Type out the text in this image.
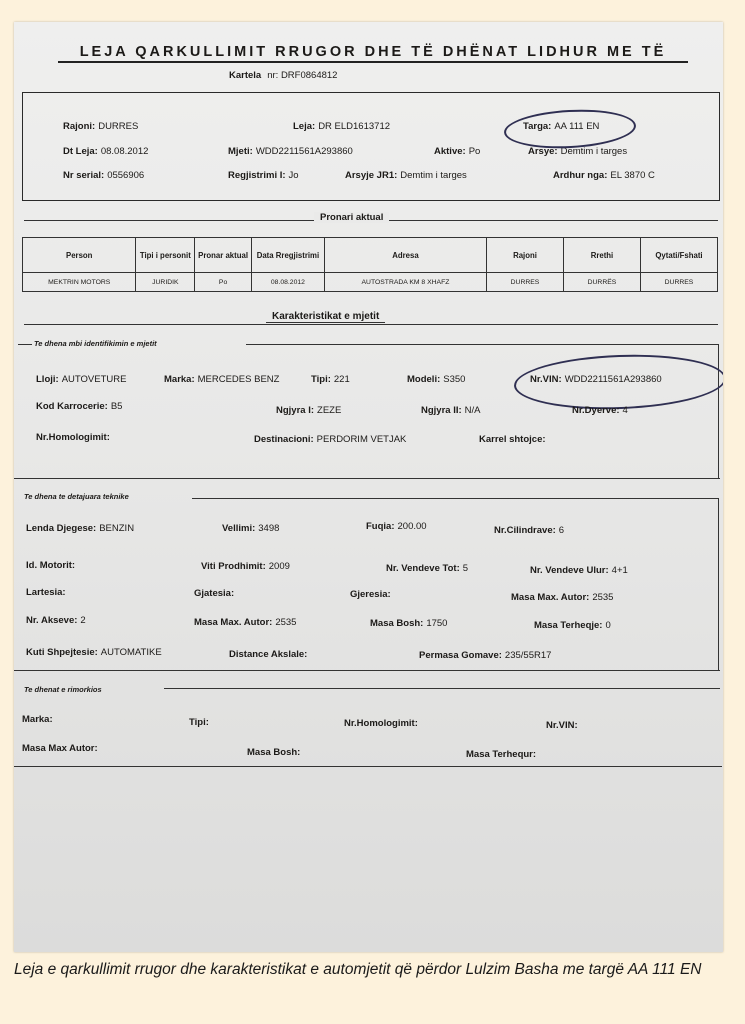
LEJA QARKULLIMIT RRUGOR DHE TË DHËNAT LIDHUR ME TË
Kartela nr: DRF0864812
Rajoni: DURRES	Leja: DR ELD1613712	Targa: AA 111 EN
Dt Leja: 08.08.2012	Mjeti: WDD2211561A293860	Aktive: Po	Arsye: Demtim i targes
Nr serial: 0556906	Regjistrimi I: Jo	Arsyje JR1: Demtim i targes	Ardhur nga: EL 3870 C
Pronari aktual
Person	Tipi i personit	Pronar aktual	Data Rregjistrimi	Adresa	Rajoni	Rrethi	Qytati/Fshati
MEKTRIN MOTORS	JURIDIK	Po	08.08.2012	AUTOSTRADA KM 8 XHAFZ	DURRES	DURRËS	DURRES
Karakteristikat e mjetit
Te dhena mbi identifikimin e mjetit
Lloji: AUTOVETURE	Marka: MERCEDES BENZ	Tipi: 221	Modeli: S350	Nr.VIN: WDD2211561A293860
Kod Karrocerie: B5	Ngjyra I: ZEZE	Ngjyra II: N/A	Nr.Dyerve: 4
Nr.Homologimit:	Destinacioni: PERDORIM VETJAK	Karrel shtojce:
Te dhena te detajuara teknike
Lenda Djegese: BENZIN	Vellimi: 3498	Fuqia: 200.00	Nr.Cilindrave: 6
Id. Motorit:	Viti Prodhimit: 2009	Nr. Vendeve Tot: 5	Nr. Vendeve Ulur: 4+1
Lartesia:	Gjatesia:	Gjeresia:	Masa Max. Autor: 2535
Nr. Akseve: 2	Masa Max. Autor: 2535	Masa Bosh: 1750	Masa Terheqje: 0
Kuti Shpejtesie: AUTOMATIKE	Distance Akslale:	Permasa Gomave: 235/55R17
Te dhenat e rimorkios
Marka:	Tipi:	Nr.Homologimit:	Nr.VIN:
Masa Max Autor:	Masa Bosh:	Masa Terhequr:
Leja e qarkullimit rrugor dhe karakteristikat e automjetit që përdor Lulzim Basha me targë AA 111 EN
